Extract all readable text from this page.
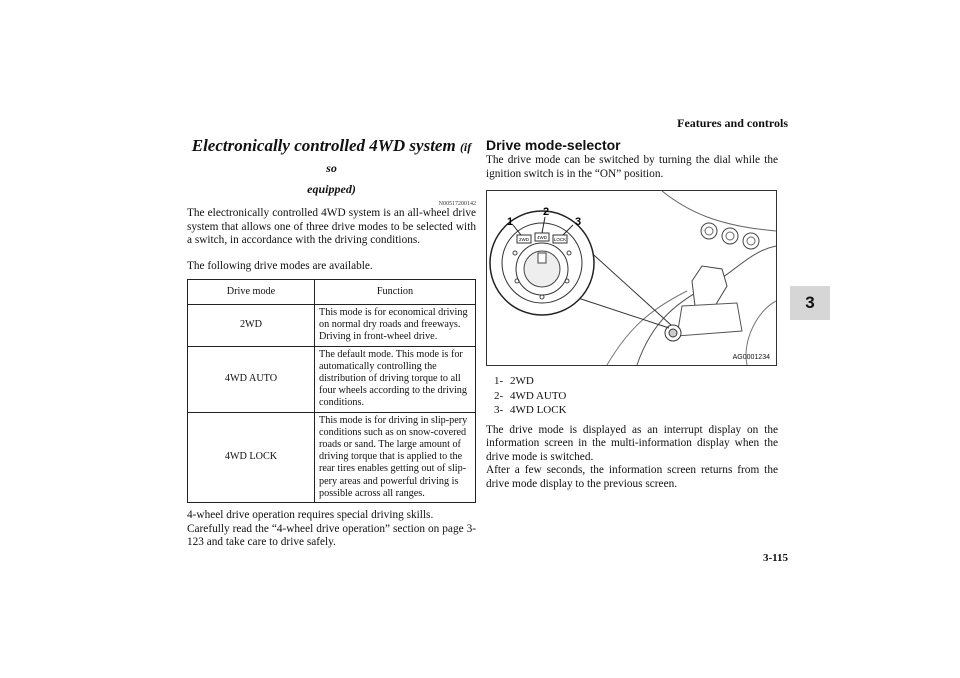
Features and controls
3
Electronically controlled 4WD system (if so
equipped)
N00517200142

The electronically controlled 4WD system is an all-wheel drive system that allows one of three drive modes to be selected with a switch, in accordance with the driving conditions.

The following drive modes are available.

Drive mode	Function
2WD	This mode is for economical driving on normal dry roads and freeways. Driving in front-wheel drive.
4WD AUTO	The default mode. This mode is for automatically controlling the distribution of driving torque to all four wheels according to the driving conditions.
4WD LOCK	This mode is for driving in slip-pery conditions such as on snow-covered roads or sand. The large amount of driving torque that is applied to the rear tires enables getting out of slip-pery areas and powerful driving is possible across all ranges.

4-wheel drive operation requires special driving skills.

Carefully read the “4-wheel drive operation” section on page 3-123 and take care to drive safely.

Drive mode-selector

The drive mode can be switched by turning the dial while the ignition switch is in the “ON” position.

2WD 4WD LOCK
1
2
3
AG0001234
1- 2WD
2- 4WD AUTO
3- 4WD LOCK

The drive mode is displayed as an interrupt display on the information screen in the multi-information display when the drive mode is switched.

After a few seconds, the information screen returns from the drive mode display to the previous screen.

3-115
